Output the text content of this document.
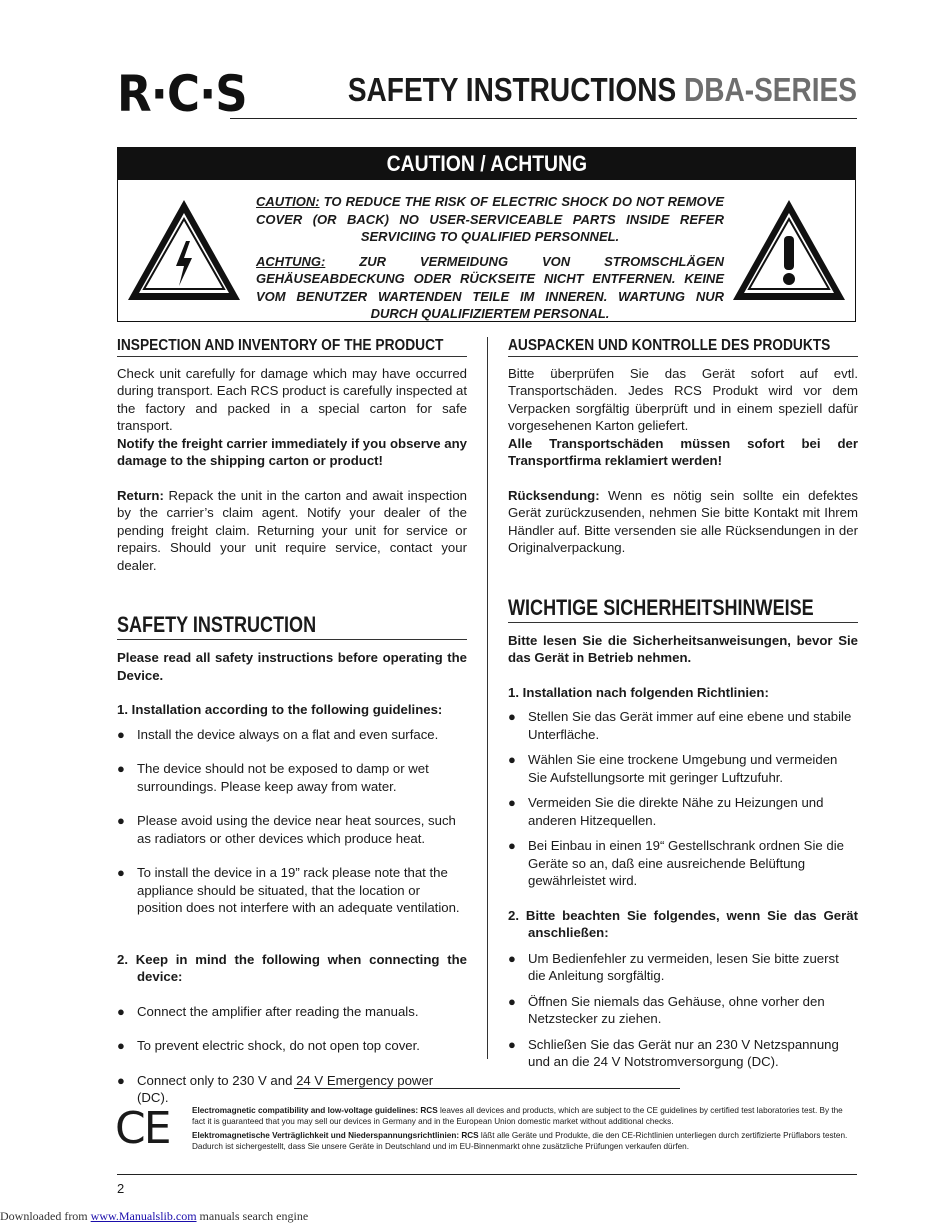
R·C·S	SAFETY INSTRUCTIONS DBA-SERIES
CAUTION / ACHTUNG

CAUTION: TO REDUCE THE RISK OF ELECTRIC SHOCK DO NOT REMOVE COVER (OR BACK) NO USER-SERVICEABLE PARTS INSIDE REFER SERVICIING TO QUALIFIED PERSONNEL.

ACHTUNG: ZUR VERMEIDUNG VON STROMSCHLÄGEN GEHÄUSEABDECKUNG ODER RÜCKSEITE NICHT ENTFERNEN. KEINE VOM BENUTZER WARTENDEN TEILE IM INNEREN. WARTUNG NUR DURCH QUALIFIZIERTEM PERSONAL.

INSPECTION AND INVENTORY OF THE PRODUCT

Check unit carefully for damage which may have occurred during transport. Each RCS product is carefully inspected at the factory and packed in a special carton for safe transport.

Notify the freight carrier immediately if you observe any damage to the shipping carton or product!

Return: Repack the unit in the carton and await inspection by the carrier’s claim agent. Notify your dealer of the pending freight claim. Returning your unit for service or repairs. Should your unit require service, contact your dealer.

SAFETY INSTRUCTION

Please read all safety instructions before operating the Device.

1. Installation according to the following guidelines:

● Install the device always on a flat and even surface.

● The device should not be exposed to damp or wet surroundings. Please keep away from water.

● Please avoid using the device near heat sources, such as radiators or other devices which produce heat.

● To install the device in a 19” rack please note that the appliance should be situated, that the location or position does not interfere with an adequate ventilation.

2. Keep in mind the following when connecting the device:

● Connect the amplifier after reading the manuals.

● To prevent electric shock, do not open top cover.

● Connect only to 230 V and 24 V Emergency power (DC).

AUSPACKEN UND KONTROLLE DES PRODUKTS

Bitte überprüfen Sie das Gerät sofort auf evtl. Transportschäden. Jedes RCS Produkt wird vor dem Verpacken sorgfältig überprüft und in einem speziell dafür vorgesehenen Karton geliefert.

Alle Transportschäden müssen sofort bei der Transportfirma reklamiert werden!

Rücksendung: Wenn es nötig sein sollte ein defektes Gerät zurückzusenden, nehmen Sie bitte Kontakt mit Ihrem Händler auf. Bitte versenden sie alle Rücksendungen in der Originalverpackung.

WICHTIGE SICHERHEITSHINWEISE

Bitte lesen Sie die Sicherheitsanweisungen, bevor Sie das Gerät in Betrieb nehmen.

1. Installation nach folgenden Richtlinien:

● Stellen Sie das Gerät immer auf eine ebene und stabile Unterfläche.

● Wählen Sie eine trockene Umgebung und vermeiden Sie Aufstellungsorte mit geringer Luftzufuhr.

● Vermeiden Sie die direkte Nähe zu Heizungen und anderen Hitzequellen.

● Bei Einbau in einen 19“ Gestellschrank ordnen Sie die Geräte so an, daß eine ausreichende Belüftung gewährleistet wird.

2. Bitte beachten Sie folgendes, wenn Sie das Gerät anschließen:

● Um Bedienfehler zu vermeiden, lesen Sie bitte zuerst die Anleitung sorgfältig.

● Öffnen Sie niemals das Gehäuse, ohne vorher den Netzstecker zu ziehen.

● Schließen Sie das Gerät nur an 230 V Netzspannung und an die 24 V Notstromversorgung (DC).

CE	Electromagnetic compatibility and low-voltage guidelines: RCS leaves all devices and products, which are subject to the CE guidelines by certified test laboratories test. By the fact it is guaranteed that you may sell our devices in Germany and in the European Union domestic market without additional checks.

Elektromagnetische Verträglichkeit und Niederspannungsrichtlinien: RCS läßt alle Geräte und Produkte, die den CE-Richtlinien unterliegen durch zertifizierte Prüflabors testen. Dadurch ist sichergestellt, dass Sie unsere Geräte in Deutschland und im EU-Binnenmarkt ohne zusätzliche Prüfungen verkaufen dürfen.

2
Downloaded from www.Manualslib.com manuals search engine
